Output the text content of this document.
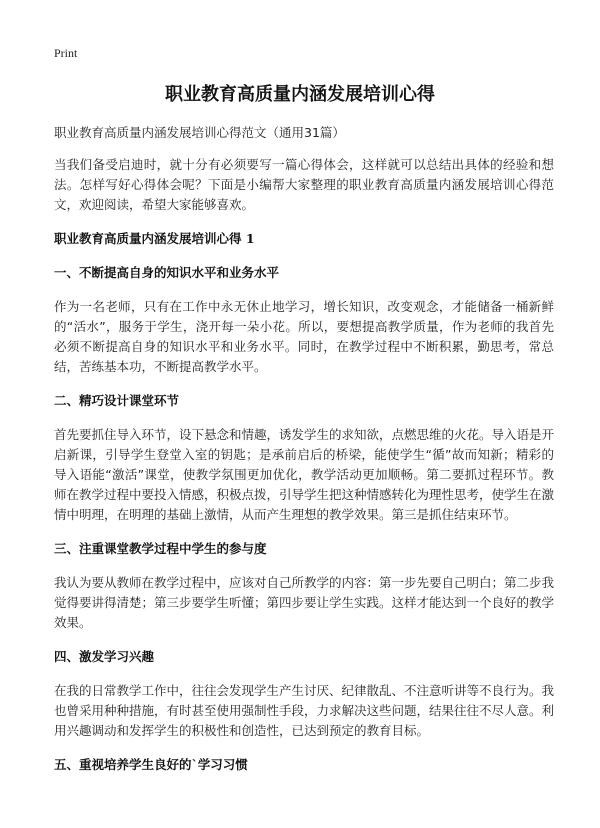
Print
职业教育高质量内涵发展培训心得

职业教育高质量内涵发展培训心得范文（通用31篇）

当我们备受启迪时，就十分有必须要写一篇心得体会，这样就可以总结出具体的经验和想法。怎样写好心得体会呢？下面是小编帮大家整理的职业教育高质量内涵发展培训心得范文，欢迎阅读，希望大家能够喜欢。

职业教育高质量内涵发展培训心得 1

一、不断提高自身的知识水平和业务水平

作为一名老师，只有在工作中永无休止地学习，增长知识，改变观念，才能储备一桶新鲜的“活水”，服务于学生，浇开每一朵小花。所以，要想提高教学质量，作为老师的我首先必须不断提高自身的知识水平和业务水平。同时，在教学过程中不断积累，勤思考，常总结，苦练基本功，不断提高教学水平。

二、精巧设计课堂环节

首先要抓住导入环节，设下悬念和情趣，诱发学生的求知欲，点燃思维的火花。导入语是开启新课，引导学生登堂入室的钥匙；是承前启后的桥梁，能使学生“循”故而知新；精彩的导入语能“激活”课堂，使教学氛围更加优化，教学活动更加顺畅。第二要抓过程环节。教师在教学过程中要投入情感，积极点拨，引导学生把这种情感转化为理性思考，使学生在激情中明理，在明理的基础上激情，从而产生理想的教学效果。第三是抓住结束环节。

三、注重课堂教学过程中学生的参与度

我认为要从教师在教学过程中，应该对自己所教学的内容：第一步先要自己明白；第二步我觉得要讲得清楚；第三步要学生听懂；第四步要让学生实践。这样才能达到一个良好的教学效果。

四、激发学习兴趣

在我的日常教学工作中，往往会发现学生产生讨厌、纪律散乱、不注意听讲等不良行为。我也曾采用种种措施，有时甚至使用强制性手段，力求解决这些问题，结果往往不尽人意。利用兴趣调动和发挥学生的积极性和创造性，已达到预定的教育目标。

五、重视培养学生良好的`学习习惯
